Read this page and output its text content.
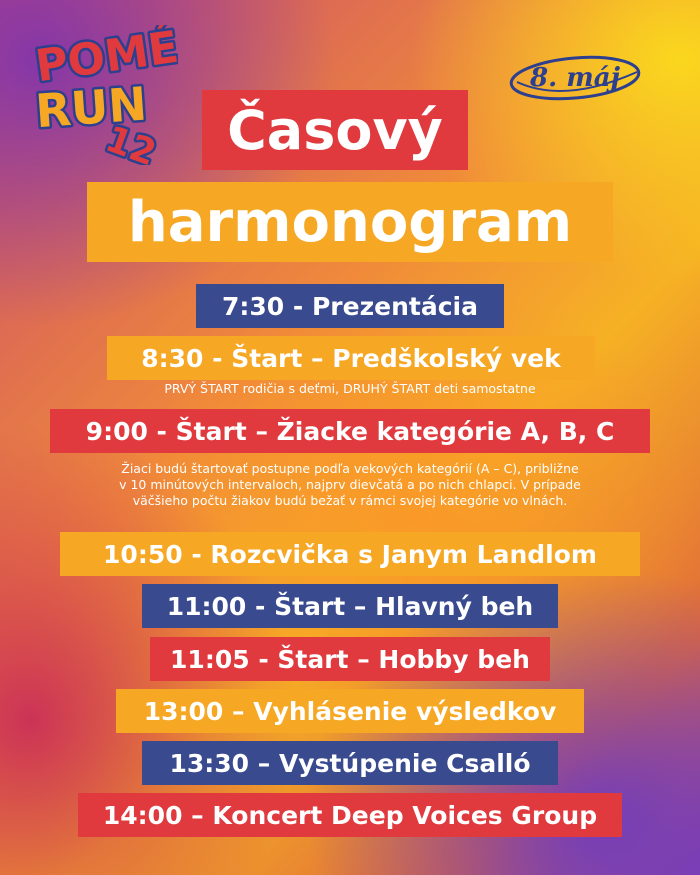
POMÉ
RUN
12
8. máj
Časový
harmonogram
7:30 - Prezentácia
8:30 - Štart – Predškolský vek
PRVÝ ŠTART rodičia s deťmi, DRUHÝ ŠTART deti samostatne
9:00 - Štart – Žiacke kategórie A, B, C
Žiaci budú štartovať postupne podľa vekových kategórií (A – C), približne
v 10 minútových intervaloch, najprv dievčatá a po nich chlapci. V prípade
väčšieho počtu žiakov budú bežať v rámci svojej kategórie vo vlnách.
10:50 - Rozcvička s Janym Landlom
11:00 - Štart – Hlavný beh
11:05 - Štart – Hobby beh
13:00 – Vyhlásenie výsledkov
13:30 – Vystúpenie Csalló
14:00 – Koncert Deep Voices Group
